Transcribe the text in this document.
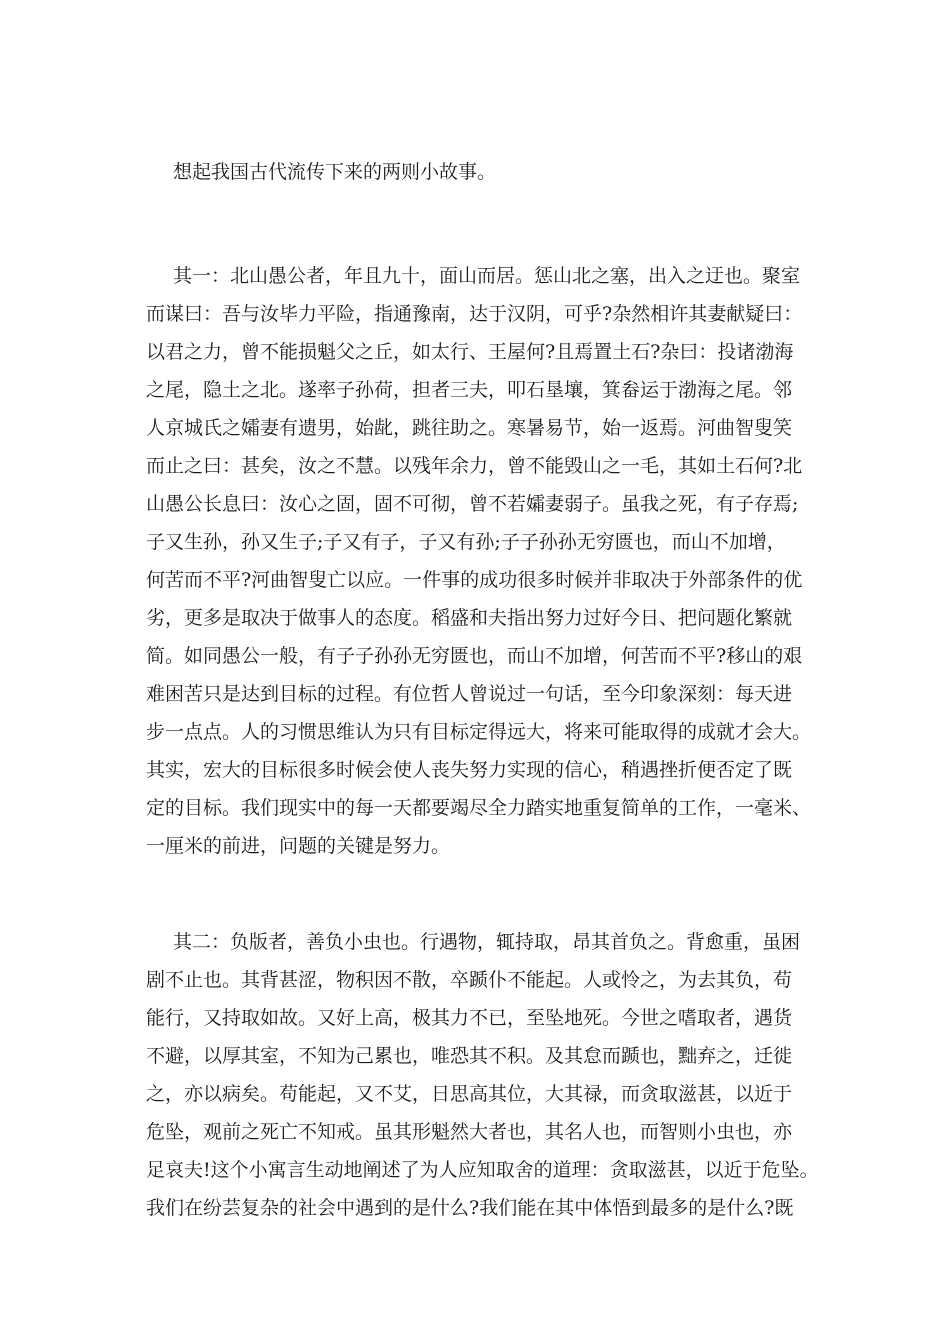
想起我国古代流传下来的两则小故事。
其一：北山愚公者，年且九十，面山而居。惩山北之塞，出入之迂也。聚室
而谋曰：吾与汝毕力平险，指通豫南，达于汉阴，可乎?杂然相许其妻献疑曰：
以君之力，曾不能损魁父之丘，如太行、王屋何?且焉置土石?杂曰：投诸渤海
之尾，隐土之北。遂率子孙荷，担者三夫，叩石垦壤，箕畚运于渤海之尾。邻
人京城氏之孀妻有遗男，始龀，跳往助之。寒暑易节，始一返焉。河曲智叟笑
而止之曰：甚矣，汝之不慧。以残年余力，曾不能毁山之一毛，其如土石何?北
山愚公长息曰：汝心之固，固不可彻，曾不若孀妻弱子。虽我之死，有子存焉;
子又生孙，孙又生子;子又有子，子又有孙;子子孙孙无穷匮也，而山不加增，
何苦而不平?河曲智叟亡以应。一件事的成功很多时候并非取决于外部条件的优
劣，更多是取决于做事人的态度。稻盛和夫指出努力过好今日、把问题化繁就
简。如同愚公一般，有子子孙孙无穷匮也，而山不加增，何苦而不平?移山的艰
难困苦只是达到目标的过程。有位哲人曾说过一句话，至今印象深刻：每天进
步一点点。人的习惯思维认为只有目标定得远大，将来可能取得的成就才会大。
其实，宏大的目标很多时候会使人丧失努力实现的信心，稍遇挫折便否定了既
定的目标。我们现实中的每一天都要竭尽全力踏实地重复简单的工作，一毫米、
一厘米的前进，问题的关键是努力。
其二：负版者，善负小虫也。行遇物，辄持取，昂其首负之。背愈重，虽困
剧不止也。其背甚涩，物积因不散，卒踬仆不能起。人或怜之，为去其负，苟
能行，又持取如故。又好上高，极其力不已，至坠地死。今世之嗜取者，遇货
不避，以厚其室，不知为己累也，唯恐其不积。及其怠而踬也，黜弃之，迁徙
之，亦以病矣。苟能起，又不艾，日思高其位，大其禄，而贪取滋甚，以近于
危坠，观前之死亡不知戒。虽其形魁然大者也，其名人也，而智则小虫也，亦
足哀夫!这个小寓言生动地阐述了为人应知取舍的道理：贪取滋甚，以近于危坠。
我们在纷芸复杂的社会中遇到的是什么?我们能在其中体悟到最多的是什么?既
